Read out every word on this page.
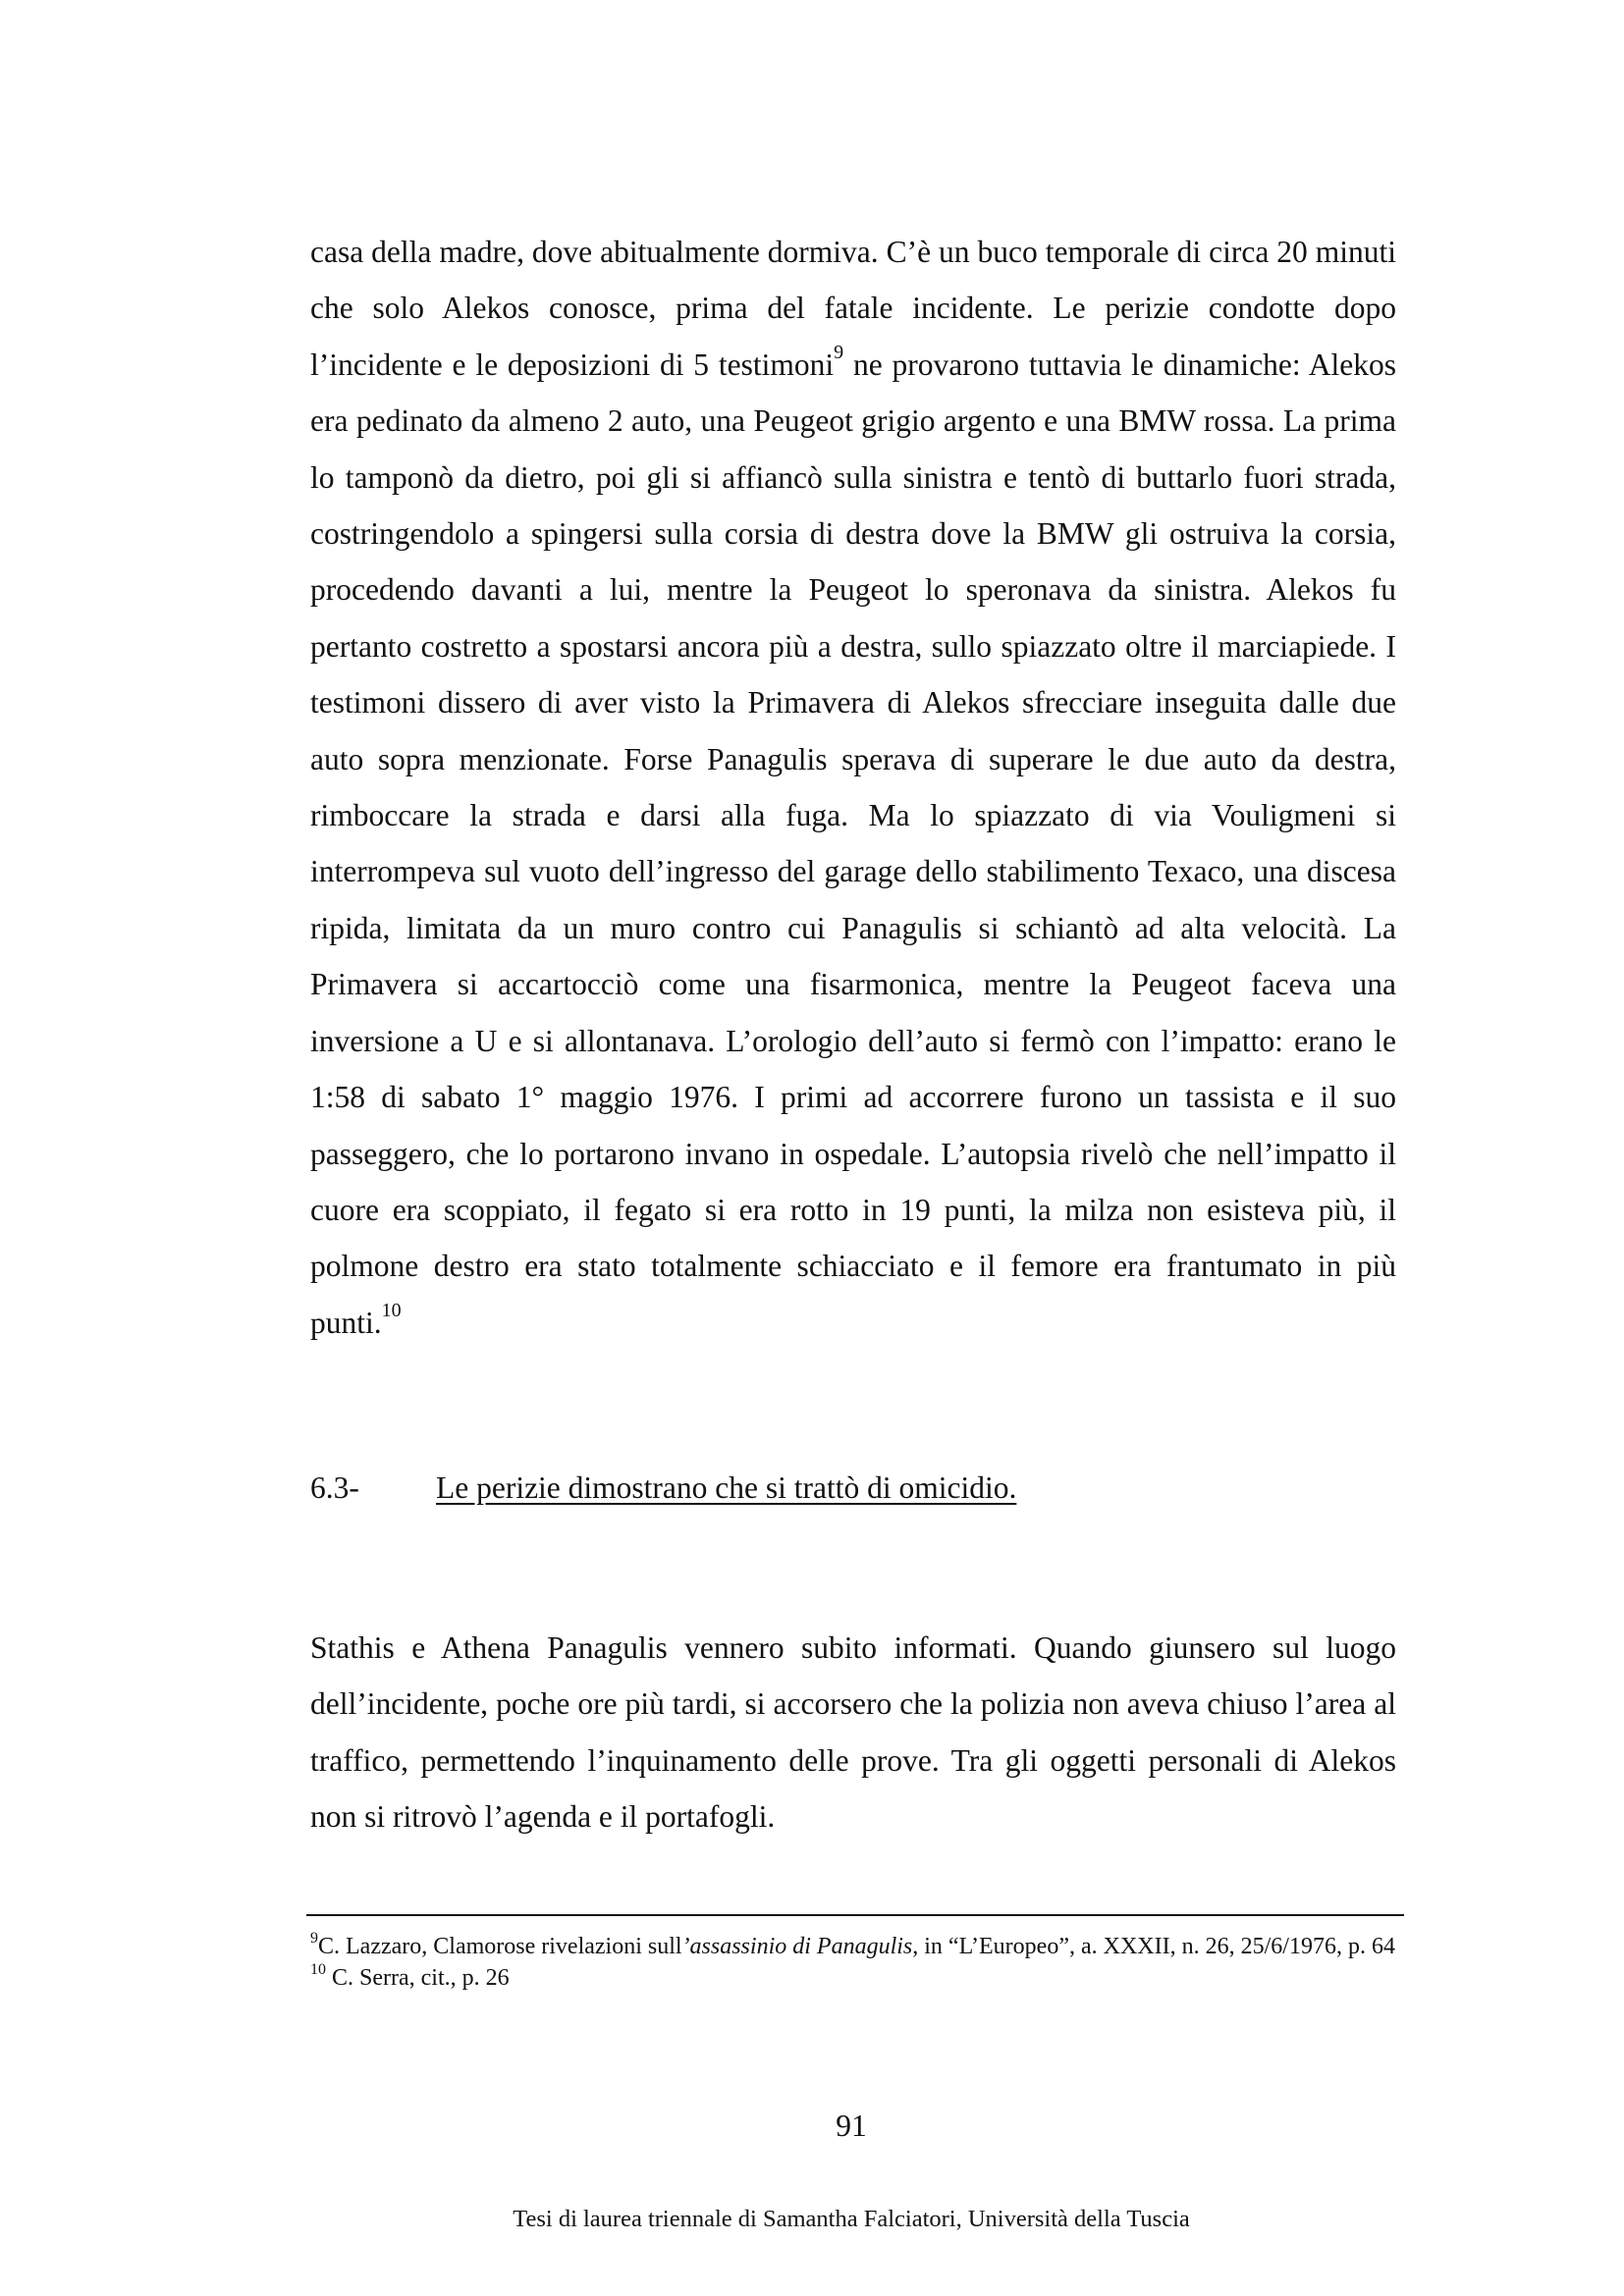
casa della madre, dove abitualmente dormiva. C’è un buco temporale di circa 20 minuti che solo Alekos conosce, prima del fatale incidente. Le perizie condotte dopo l’incidente e le deposizioni di 5 testimoni$^9$ ne provarono tuttavia le dinamiche: Alekos era pedinato da almeno 2 auto, una Peugeot grigio argento e una BMW rossa. La prima lo tamponò da dietro, poi gli si affiancò sulla sinistra e tentò di buttarlo fuori strada, costringendolo a spingersi sulla corsia di destra dove la BMW gli ostruiva la corsia, procedendo davanti a lui, mentre la Peugeot lo speronava da sinistra. Alekos fu pertanto costretto a spostarsi ancora più a destra, sullo spiazzato oltre il marciapiede. I testimoni dissero di aver visto la Primavera di Alekos sfrecciare inseguita dalle due auto sopra menzionate. Forse Panagulis sperava di superare le due auto da destra, rimboccare la strada e darsi alla fuga. Ma lo spiazzato di via Vouligmeni si interrompeva sul vuoto dell’ingresso del garage dello stabilimento Texaco, una discesa ripida, limitata da un muro contro cui Panagulis si schiantò ad alta velocità. La Primavera si accartocciò come una fisarmonica, mentre la Peugeot faceva una inversione a U e si allontanava. L’orologio dell’auto si fermò con l’impatto: erano le 1:58 di sabato 1° maggio 1976. I primi ad accorrere furono un tassista e il suo passeggero, che lo portarono invano in ospedale. L’autopsia rivelò che nell’impatto il cuore era scoppiato, il fegato si era rotto in 19 punti, la milza non esisteva più, il polmone destro era stato totalmente schiacciato e il femore era frantumato in più punti.$^{10}$

6.3- Le perizie dimostrano che si trattò di omicidio.

Stathis e Athena Panagulis vennero subito informati. Quando giunsero sul luogo dell’incidente, poche ore più tardi, si accorsero che la polizia non aveva chiuso l’area al traffico, permettendo l’inquinamento delle prove. Tra gli oggetti personali di Alekos non si ritrovò l’agenda e il portafogli.

$^9$C. Lazzaro, Clamorose rivelazioni sull’assassinio di Panagulis, in “L’Europeo”, a. XXXII, n. 26, 25/6/1976, p. 64

$^{10}$ C. Serra, cit., p. 26

91

Tesi di laurea triennale di Samantha Falciatori, Università della Tuscia
